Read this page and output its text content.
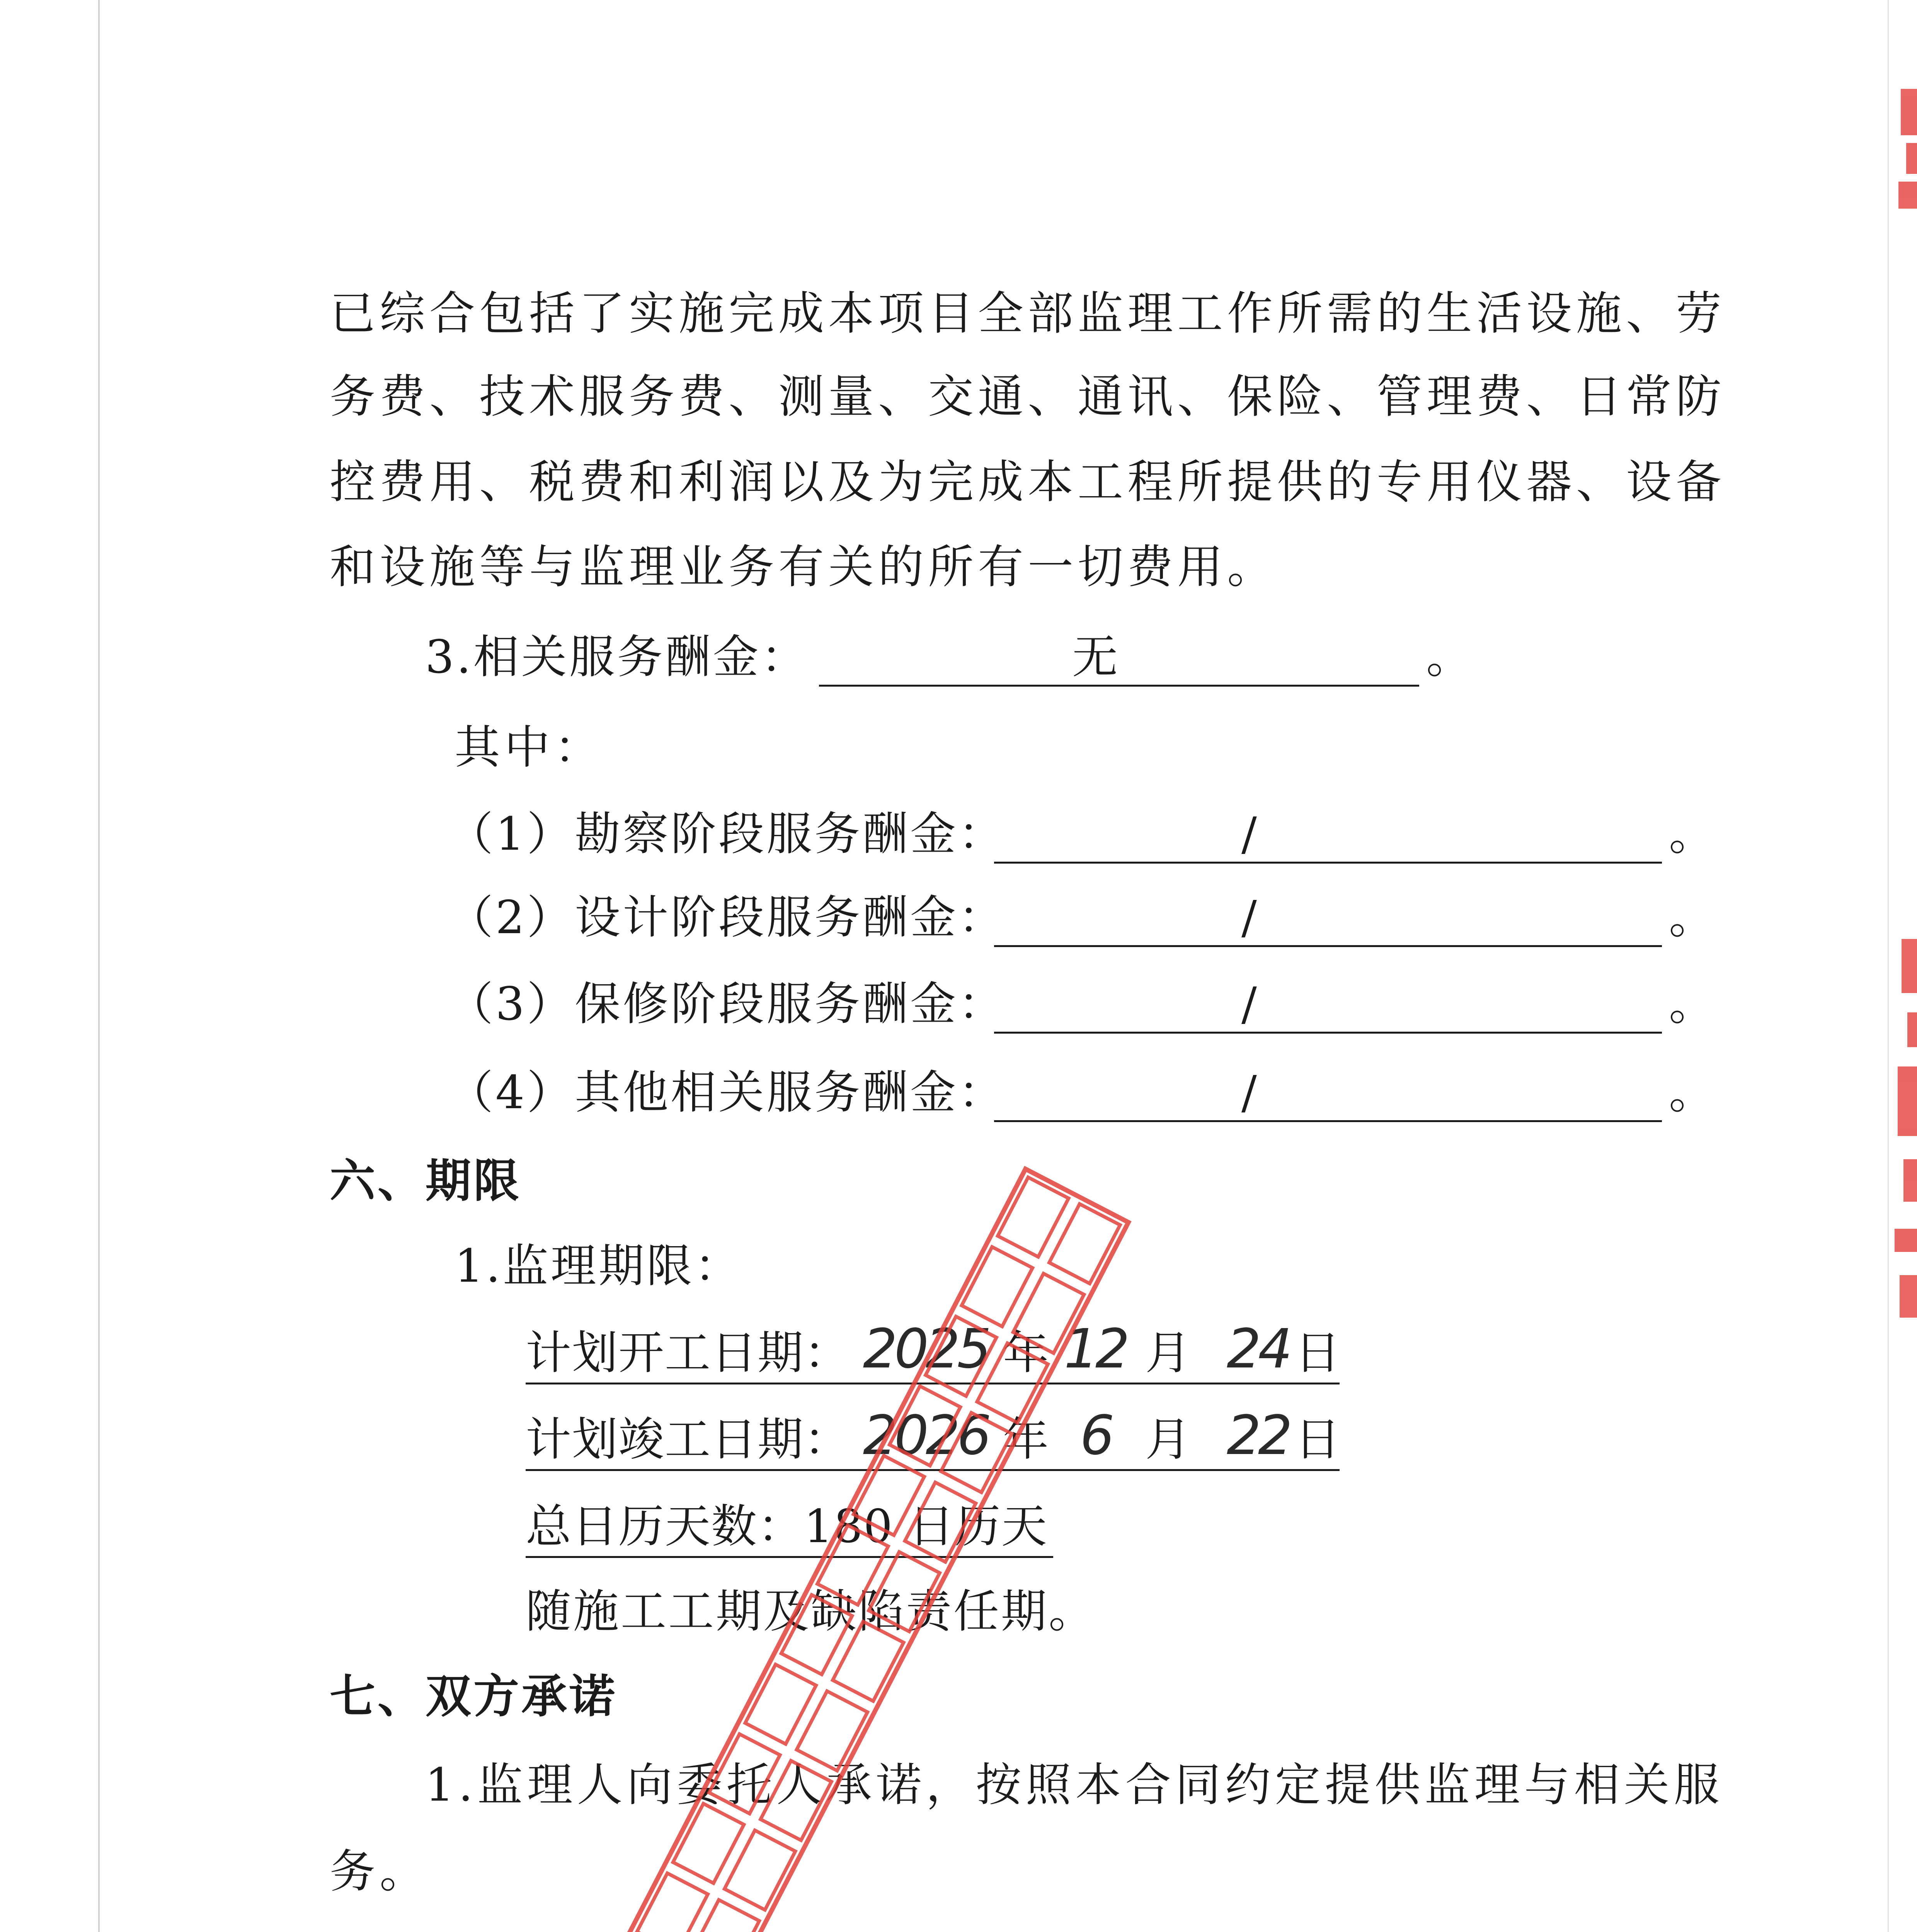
已综合包括了实施完成本项目全部监理工作所需的生活设施、劳
务费、技术服务费、测量、交通、通讯、保险、管理费、日常防
控费用、税费和利润以及为完成本工程所提供的专用仪器、设备
和设施等与监理业务有关的所有一切费用。
3.相关服务酬金：	无	。
其中：
（1）勘察阶段服务酬金：	/	。
（2）设计阶段服务酬金：	/	。
（3）保修阶段服务酬金：	/	。
（4）其他相关服务酬金：	/	。
六、期限
1.监理期限：
计划开工日期： 2025 年 12 月 24 日
计划竣工日期： 2026 年 6 月 22 日
总日历天数：180 日历天
随施工工期及缺陷责任期。
七、双方承诺
1.监理人向委托人承诺，按照本合同约定提供监理与相关服
务。
